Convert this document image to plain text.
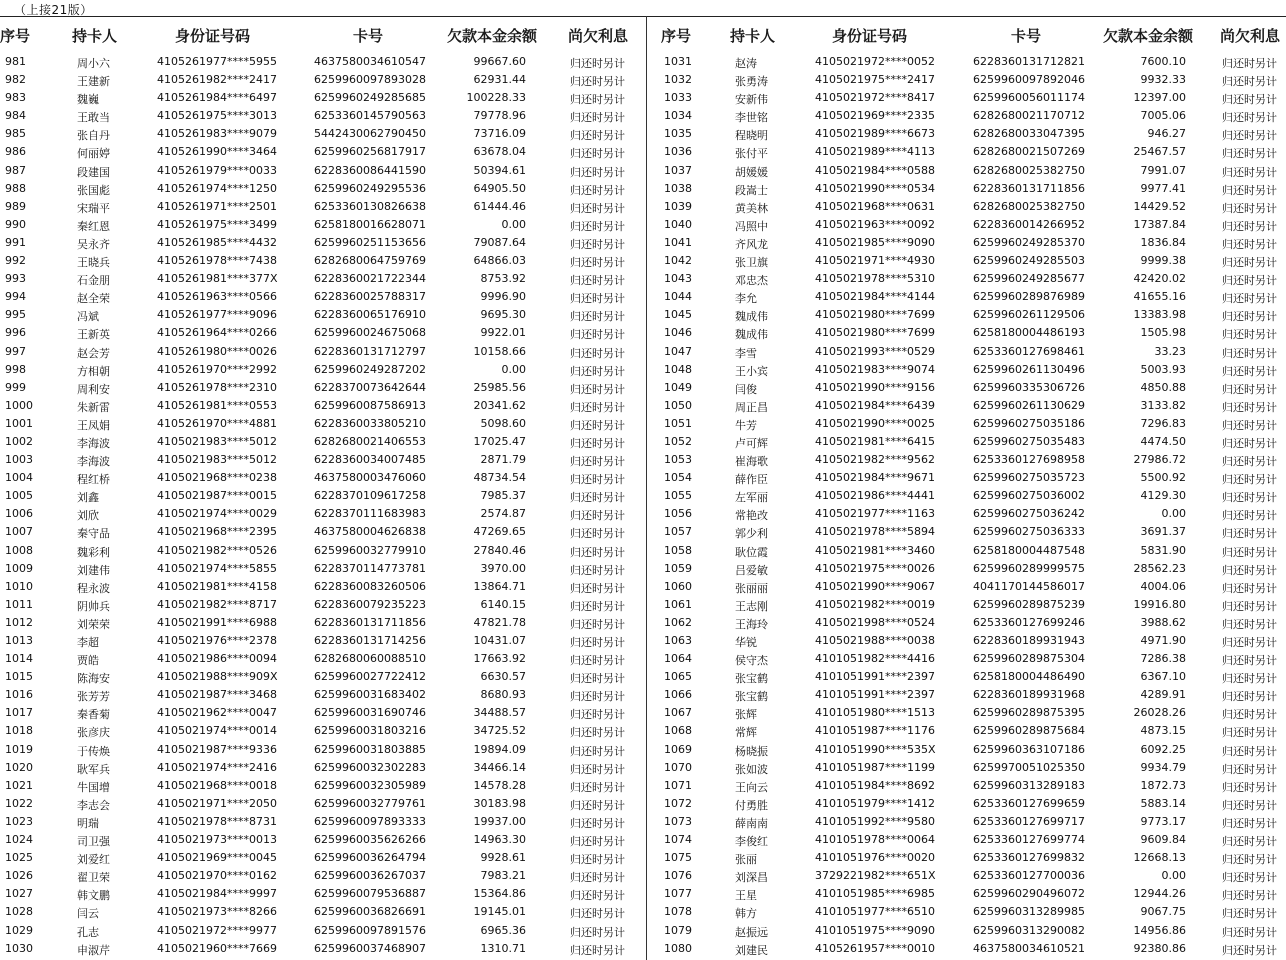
（上接21版）
序号	持卡人	身份证号码	卡号	欠款本金余额 尚欠利息
981	周小六	4105261977****5955	4637580034610547	99667.60	归还时另计
982	王建新	4105261982****2417	6259960097893028	62931.44	归还时另计
983	魏巍	4105261984****6497	6259960249285685	100228.33	归还时另计
984	王敢当	4105261975****3013	6253360145790563	79778.96	归还时另计
985	张自丹	4105261983****9079	5442430062790450	73716.09	归还时另计
986	何丽婷	4105261990****3464	6259960256817917	63678.04	归还时另计
987	段建国	4105261979****0033	6228360086441590	50394.61	归还时另计
988	张国彪	4105261974****1250	6259960249295536	64905.50	归还时另计
989	宋瑞平	4105261971****2501	6253360130826638	61444.46	归还时另计
990	秦红恩	4105261975****3499	6258180016628071	0.00	归还时另计
991	吴永齐	4105261985****4432	6259960251153656	79087.64	归还时另计
992	王晓兵	4105261978****7438	6282680064759769	64866.03	归还时另计
993	石金朋	4105261981****377X	6228360021722344	8753.92	归还时另计
994	赵全荣	4105261963****0566	6228360025788317	9996.90	归还时另计
995	冯斌	4105261977****9096	6228360065176910	9695.30	归还时另计
996	王新英	4105261964****0266	6259960024675068	9922.01	归还时另计
997	赵会芳	4105261980****0026	6228360131712797	10158.66	归还时另计
998	方相朝	4105261970****2992	6259960249287202	0.00	归还时另计
999	周利安	4105261978****2310	6228370073642644	25985.56	归还时另计
1000	朱新雷	4105261981****0553	6259960087586913	20341.62	归还时另计
1001	王凤娟	4105261970****4881	6228360033805210	5098.60	归还时另计
1002	李海波	4105021983****5012	6282680021406553	17025.47	归还时另计
1003	李海波	4105021983****5012	6228360034007485	2871.79	归还时另计
1004	程红桥	4105021968****0238	4637580003476060	48734.54	归还时另计
1005	刘鑫	4105021987****0015	6228370109617258	7985.37	归还时另计
1006	刘欣	4105021974****0029	6228370111683983	2574.87	归还时另计
1007	秦守品	4105021968****2395	4637580004626838	47269.65	归还时另计
1008	魏彩利	4105021982****0526	6259960032779910	27840.46	归还时另计
1009	刘建伟	4105021974****5855	6228370114773781	3970.00	归还时另计
1010	程永波	4105021981****4158	6228360083260506	13864.71	归还时另计
1011	阴帅兵	4105021982****8717	6228360079235223	6140.15	归还时另计
1012	刘荣荣	4105021991****6988	6228360131711856	47821.78	归还时另计
1013	李超	4105021976****2378	6228360131714256	10431.07	归还时另计
1014	贾皓	4105021986****0094	6282680060088510	17663.92	归还时另计
1015	陈海安	4105021988****909X	6259960027722412	6630.57	归还时另计
1016	张芳芳	4105021987****3468	6259960031683402	8680.93	归还时另计
1017	秦香菊	4105021962****0047	6259960031690746	34488.57	归还时另计
1018	张彦庆	4105021974****0014	6259960031803216	34725.52	归还时另计
1019	于传焕	4105021987****9336	6259960031803885	19894.09	归还时另计
1020	耿军兵	4105021974****2416	6259960032302283	34466.14	归还时另计
1021	牛国增	4105021968****0018	6259960032305989	14578.28	归还时另计
1022	李志会	4105021971****2050	6259960032779761	30183.98	归还时另计
1023	明瑞	4105021978****8731	6259960097893333	19937.00	归还时另计
1024	司卫强	4105021973****0013	6259960035626266	14963.30	归还时另计
1025	刘爱红	4105021969****0045	6259960036264794	9928.61	归还时另计
1026	翟卫荣	4105021970****0162	6259960036267037	7983.21	归还时另计
1027	韩文鹏	4105021984****9997	6259960079536887	15364.86	归还时另计
1028	闫云	4105021973****8266	6259960036826691	19145.01	归还时另计
1029	孔志	4105021972****9977	6259960097891576	6965.36	归还时另计
1030	申淑芹	4105021960****7669	6259960037468907	1310.71	归还时另计
序号	持卡人	身份证号码	卡号	欠款本金余额 尚欠利息
1031	赵涛	4105021972****0052	6228360131712821	7600.10	归还时另计
1032	张勇涛	4105021975****2417	6259960097892046	9932.33	归还时另计
1033	安新伟	4105021972****8417	6259960056011174	12397.00	归还时另计
1034	李世铭	4105021969****2335	6282680021170712	7005.06	归还时另计
1035	程晓明	4105021989****6673	6282680033047395	946.27	归还时另计
1036	张付平	4105021989****4113	6282680021507269	25467.57	归还时另计
1037	胡媛媛	4105021984****0588	6282680025382750	7991.07	归还时另计
1038	段嵩士	4105021990****0534	6228360131711856	9977.41	归还时另计
1039	黄美林	4105021968****0631	6282680025382750	14429.52	归还时另计
1040	冯照中	4105021963****0092	6228360014266952	17387.84	归还时另计
1041	齐风龙	4105021985****9090	6259960249285370	1836.84	归还时另计
1042	张卫旗	4105021971****4930	6259960249285503	9999.38	归还时另计
1043	邓忠杰	4105021978****5310	6259960249285677	42420.02	归还时另计
1044	李允	4105021984****4144	6259960289876989	41655.16	归还时另计
1045	魏成伟	4105021980****7699	6259960261129506	13383.98	归还时另计
1046	魏成伟	4105021980****7699	6258180004486193	1505.98	归还时另计
1047	李雪	4105021993****0529	6253360127698461	33.23	归还时另计
1048	王小宾	4105021983****9074	6259960261130496	5003.93	归还时另计
1049	闫俊	4105021990****9156	6259960335306726	4850.88	归还时另计
1050	周正昌	4105021984****6439	6259960261130629	3133.82	归还时另计
1051	牛芳	4105021990****0025	6259960275035186	7296.83	归还时另计
1052	卢可辉	4105021981****6415	6259960275035483	4474.50	归还时另计
1053	崔海歌	4105021982****9562	6253360127698958	27986.72	归还时另计
1054	薛作臣	4105021984****9671	6259960275035723	5500.92	归还时另计
1055	左军丽	4105021986****4441	6259960275036002	4129.30	归还时另计
1056	常艳改	4105021977****1163	6259960275036242	0.00	归还时另计
1057	郭少利	4105021978****5894	6259960275036333	3691.37	归还时另计
1058	耿位霞	4105021981****3460	6258180004487548	5831.90	归还时另计
1059	吕爱敏	4105021975****0026	6259960289999575	28562.23	归还时另计
1060	张丽丽	4105021990****9067	4041170144586017	4004.06	归还时另计
1061	王志刚	4105021982****0019	6259960289875239	19916.80	归还时另计
1062	王海玲	4105021998****0524	6253360127699246	3988.62	归还时另计
1063	华锐	4105021988****0038	6228360189931943	4971.90	归还时另计
1064	侯守杰	4101051982****4416	6259960289875304	7286.38	归还时另计
1065	张宝鹤	4101051991****2397	6258180004486490	6367.10	归还时另计
1066	张宝鹤	4101051991****2397	6228360189931968	4289.91	归还时另计
1067	张辉	4101051980****1513	6259960289875395	26028.26	归还时另计
1068	常辉	4101051987****1176	6259960289875684	4873.15	归还时另计
1069	杨晓振	4101051990****535X	6259960363107186	6092.25	归还时另计
1070	张如波	4101051987****1199	6259970051025350	9934.79	归还时另计
1071	王向云	4101051984****8692	6259960313289183	1872.73	归还时另计
1072	付勇胜	4101051979****1412	6253360127699659	5883.14	归还时另计
1073	薛南南	4101051992****9580	6253360127699717	9773.17	归还时另计
1074	李俊红	4101051978****0064	6253360127699774	9609.84	归还时另计
1075	张丽	4101051976****0020	6253360127699832	12668.13	归还时另计
1076	刘深昌	3729221982****651X	6253360127700036	0.00	归还时另计
1077	王星	4101051985****6985	6259960290496072	12944.26	归还时另计
1078	韩方	4101051977****6510	6259960313289985	9067.75	归还时另计
1079	赵振远	4101051975****9090	6259960313290082	14956.86	归还时另计
1080	刘建民	4105261957****0010	4637580034610521	92380.86	归还时另计
